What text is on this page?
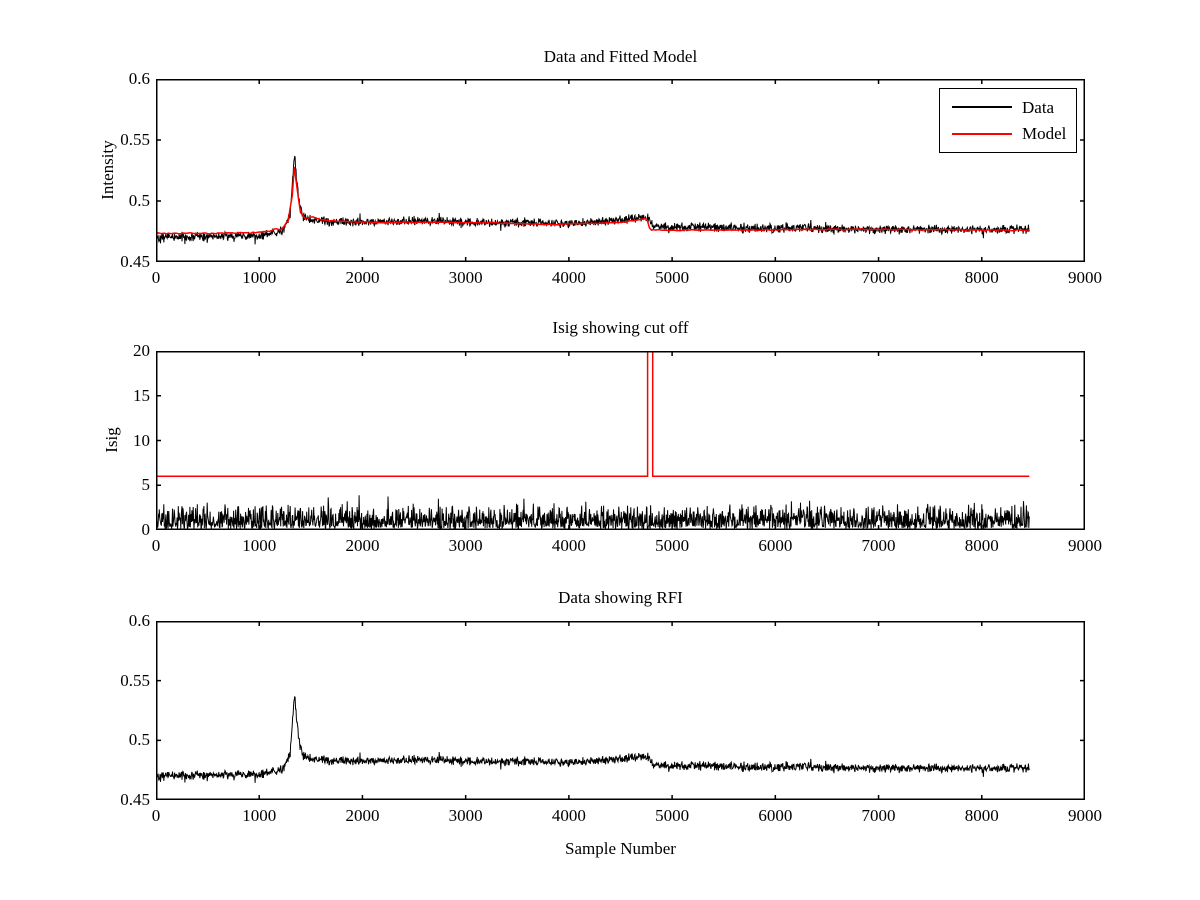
Data and Fitted Model
Isig showing cut off
Data showing RFI
Intensity
Isig
Sample Number
0	1000	2000	3000	4000	5000	6000	7000	8000	9000
0	1000	2000	3000	4000	5000	6000	7000	8000	9000
0	1000	2000	3000	4000	5000	6000	7000	8000	9000
0.45
0.5
0.55
0.6
0
5
10
15
20
0.45
0.5
0.55
0.6
Data
Model
